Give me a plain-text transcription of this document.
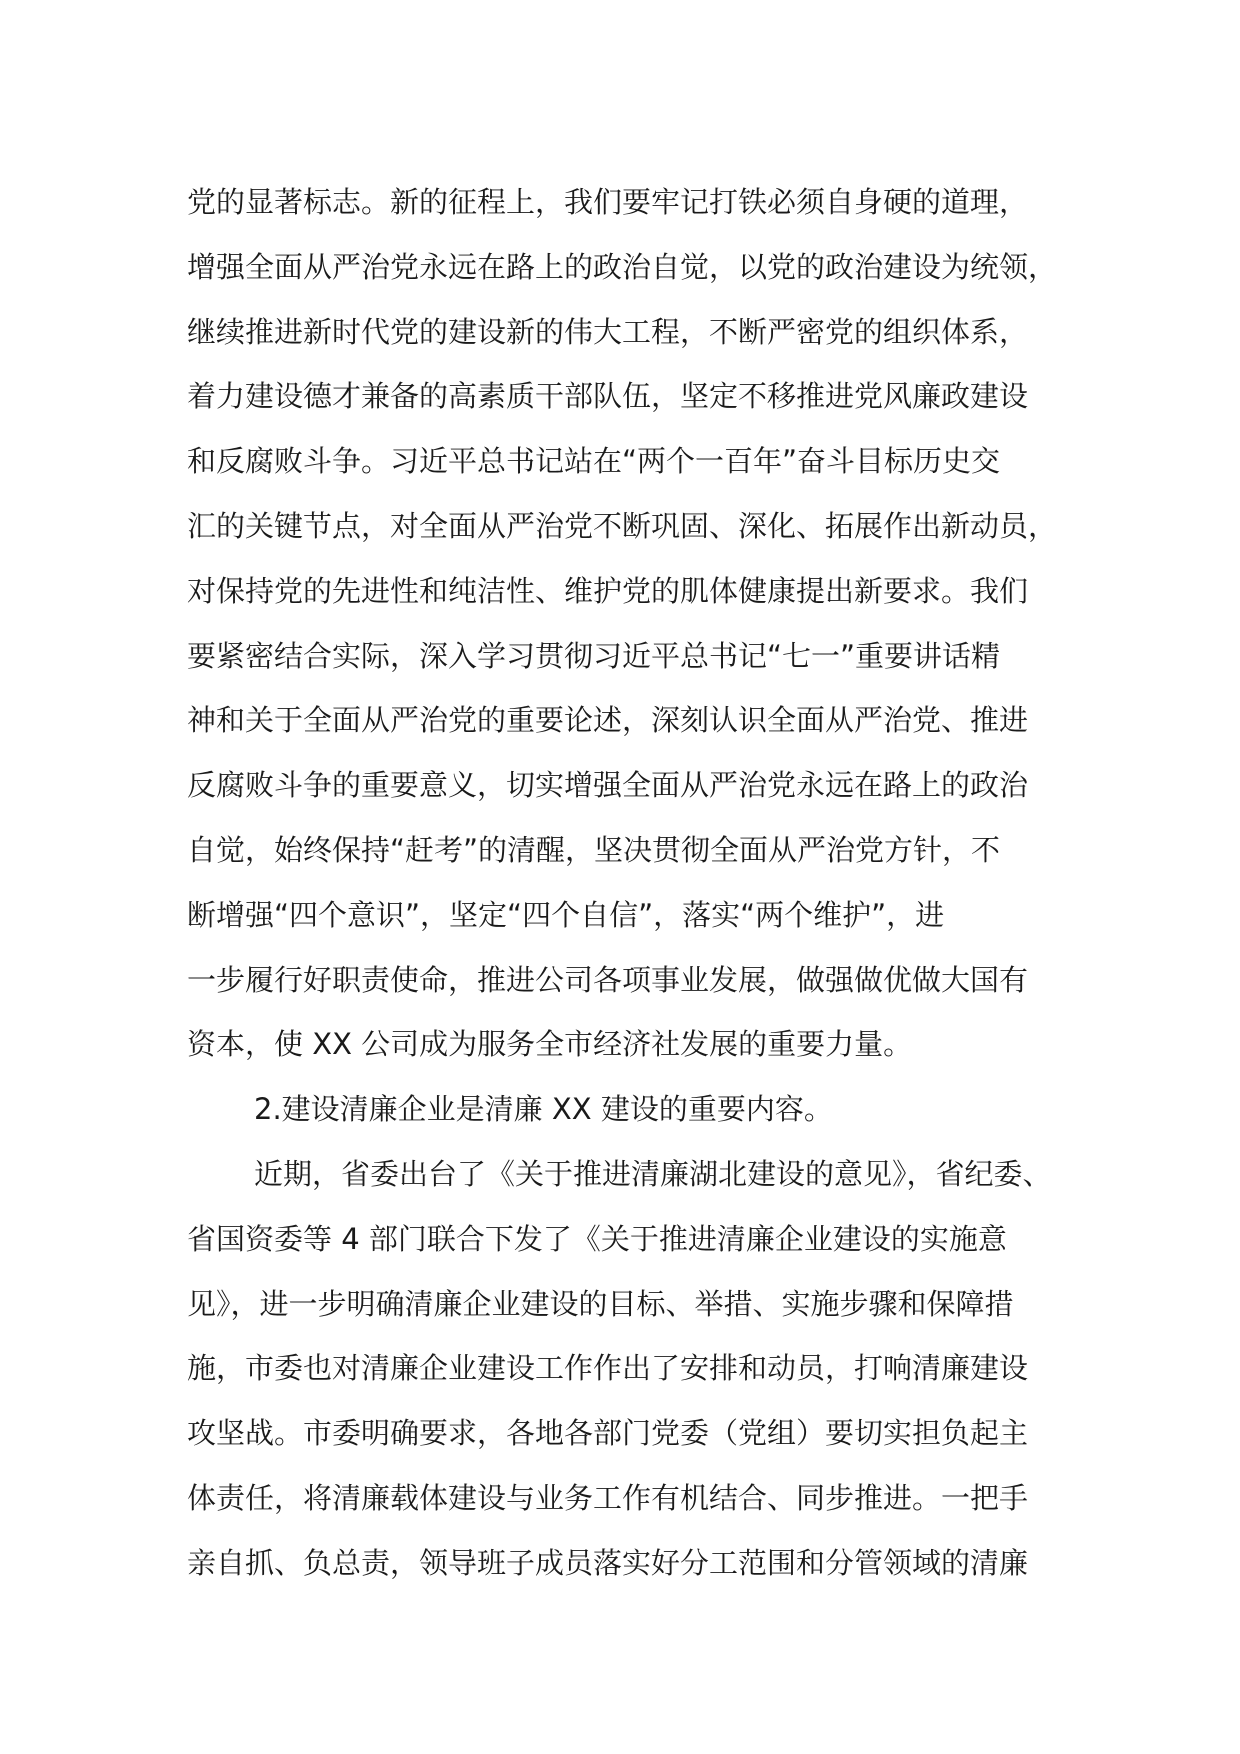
党的显著标志。新的征程上，我们要牢记打铁必须自身硬的道理，
增强全面从严治党永远在路上的政治自觉，以党的政治建设为统领，
继续推进新时代党的建设新的伟大工程，不断严密党的组织体系，
着力建设德才兼备的高素质干部队伍，坚定不移推进党风廉政建设
和反腐败斗争。习近平总书记站在“两个一百年”奋斗目标历史交
汇的关键节点，对全面从严治党不断巩固、深化、拓展作出新动员，
对保持党的先进性和纯洁性、维护党的肌体健康提出新要求。我们
要紧密结合实际，深入学习贯彻习近平总书记“七一”重要讲话精
神和关于全面从严治党的重要论述，深刻认识全面从严治党、推进
反腐败斗争的重要意义，切实增强全面从严治党永远在路上的政治
自觉，始终保持“赶考”的清醒，坚决贯彻全面从严治党方针，不
断增强“四个意识”，坚定“四个自信”，落实“两个维护”，进
一步履行好职责使命，推进公司各项事业发展，做强做优做大国有
资本，使 XX 公司成为服务全市经济社发展的重要力量。
2.建设清廉企业是清廉 XX 建设的重要内容。
近期，省委出台了《关于推进清廉湖北建设的意见》，省纪委、
省国资委等 4 部门联合下发了《关于推进清廉企业建设的实施意
见》，进一步明确清廉企业建设的目标、举措、实施步骤和保障措
施，市委也对清廉企业建设工作作出了安排和动员，打响清廉建设
攻坚战。市委明确要求，各地各部门党委（党组）要切实担负起主
体责任，将清廉载体建设与业务工作有机结合、同步推进。一把手
亲自抓、负总责，领导班子成员落实好分工范围和分管领域的清廉
